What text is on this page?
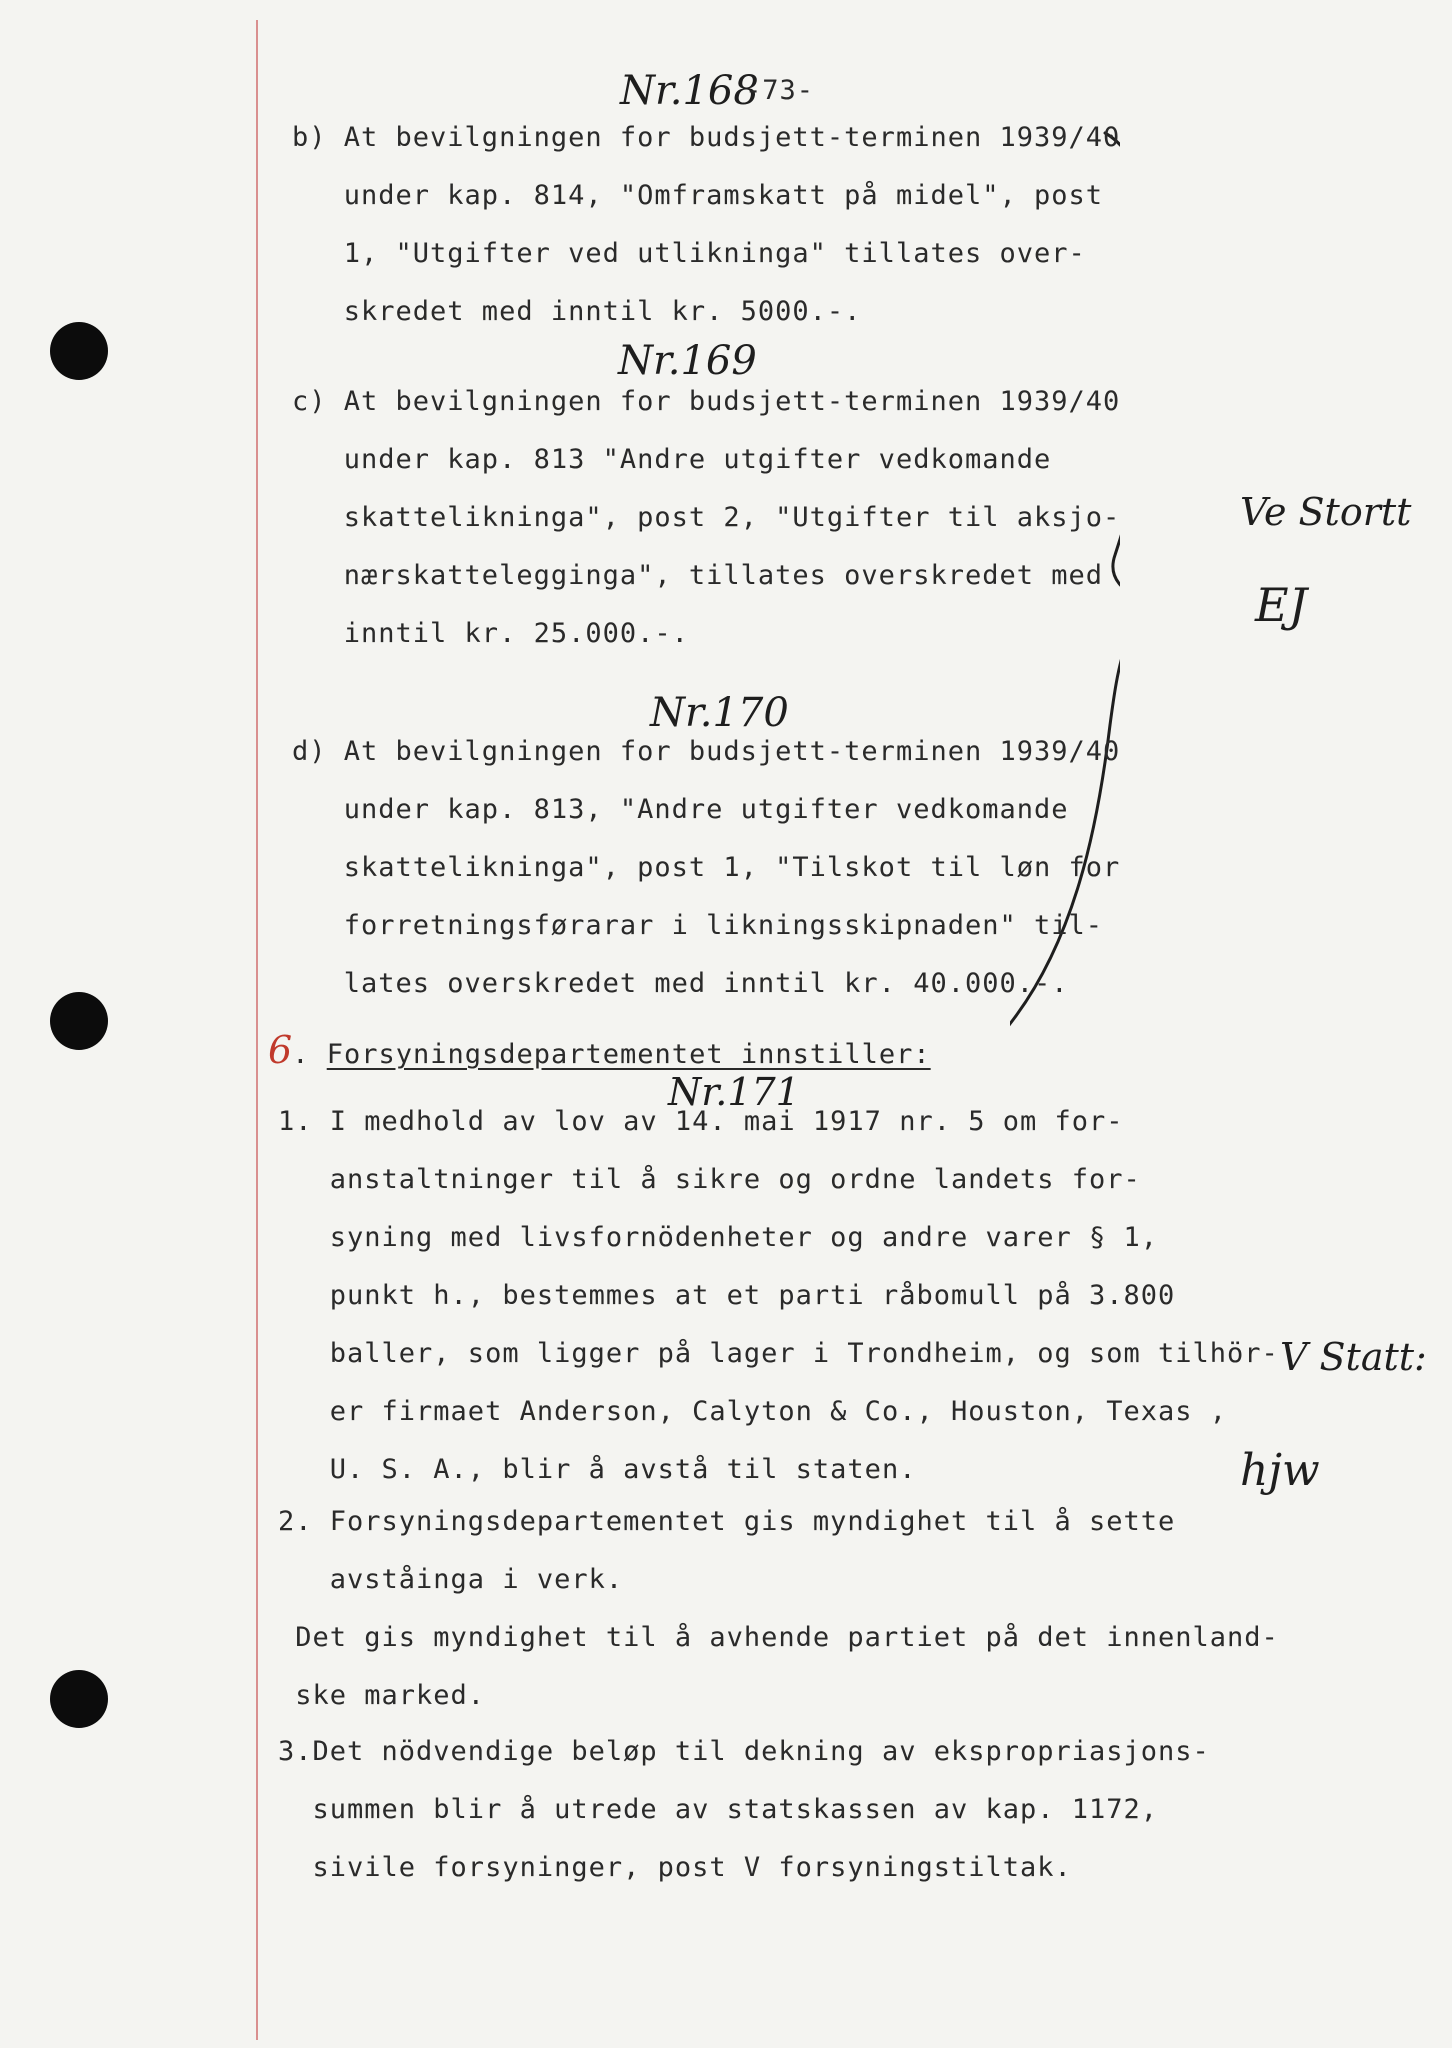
Nr.168
-73-
Nr.169
Nr.170
Nr.171
Ve Stortt
EJ
V Statt:
hjw

b) At bevilgningen for budsjett-terminen 1939/40

under kap. 814, "Omframskatt på midel", post

1, "Utgifter ved utlikninga" tillates over-

skredet med inntil kr. 5000.-.

c) At bevilgningen for budsjett-terminen 1939/40

under kap. 813 "Andre utgifter vedkomande

skattelikninga", post 2, "Utgifter til aksjo-

nærskattelegginga", tillates overskredet med

inntil kr. 25.000.-.

d) At bevilgningen for budsjett-terminen 1939/40

under kap. 813, "Andre utgifter vedkomande

skattelikninga", post 1, "Tilskot til løn for

forretningsførarar i likningsskipnaden" til-

lates overskredet med inntil kr. 40.000.-.

6. Forsyningsdepartementet innstiller:

1. I medhold av lov av 14. mai 1917 nr. 5 om for-

anstaltninger til å sikre og ordne landets for-

syning med livsfornödenheter og andre varer § 1,

punkt h., bestemmes at et parti råbomull på 3.800

baller, som ligger på lager i Trondheim, og som tilhör-

er firmaet Anderson, Calyton & Co., Houston, Texas ,

U. S. A., blir å avstå til staten.

2. Forsyningsdepartementet gis myndighet til å sette

avståinga i verk.

Det gis myndighet til å avhende partiet på det innenland-

ske marked.

3.Det nödvendige beløp til dekning av ekspropriasjons-

summen blir å utrede av statskassen av kap. 1172,

sivile forsyninger, post V forsyningstiltak.
